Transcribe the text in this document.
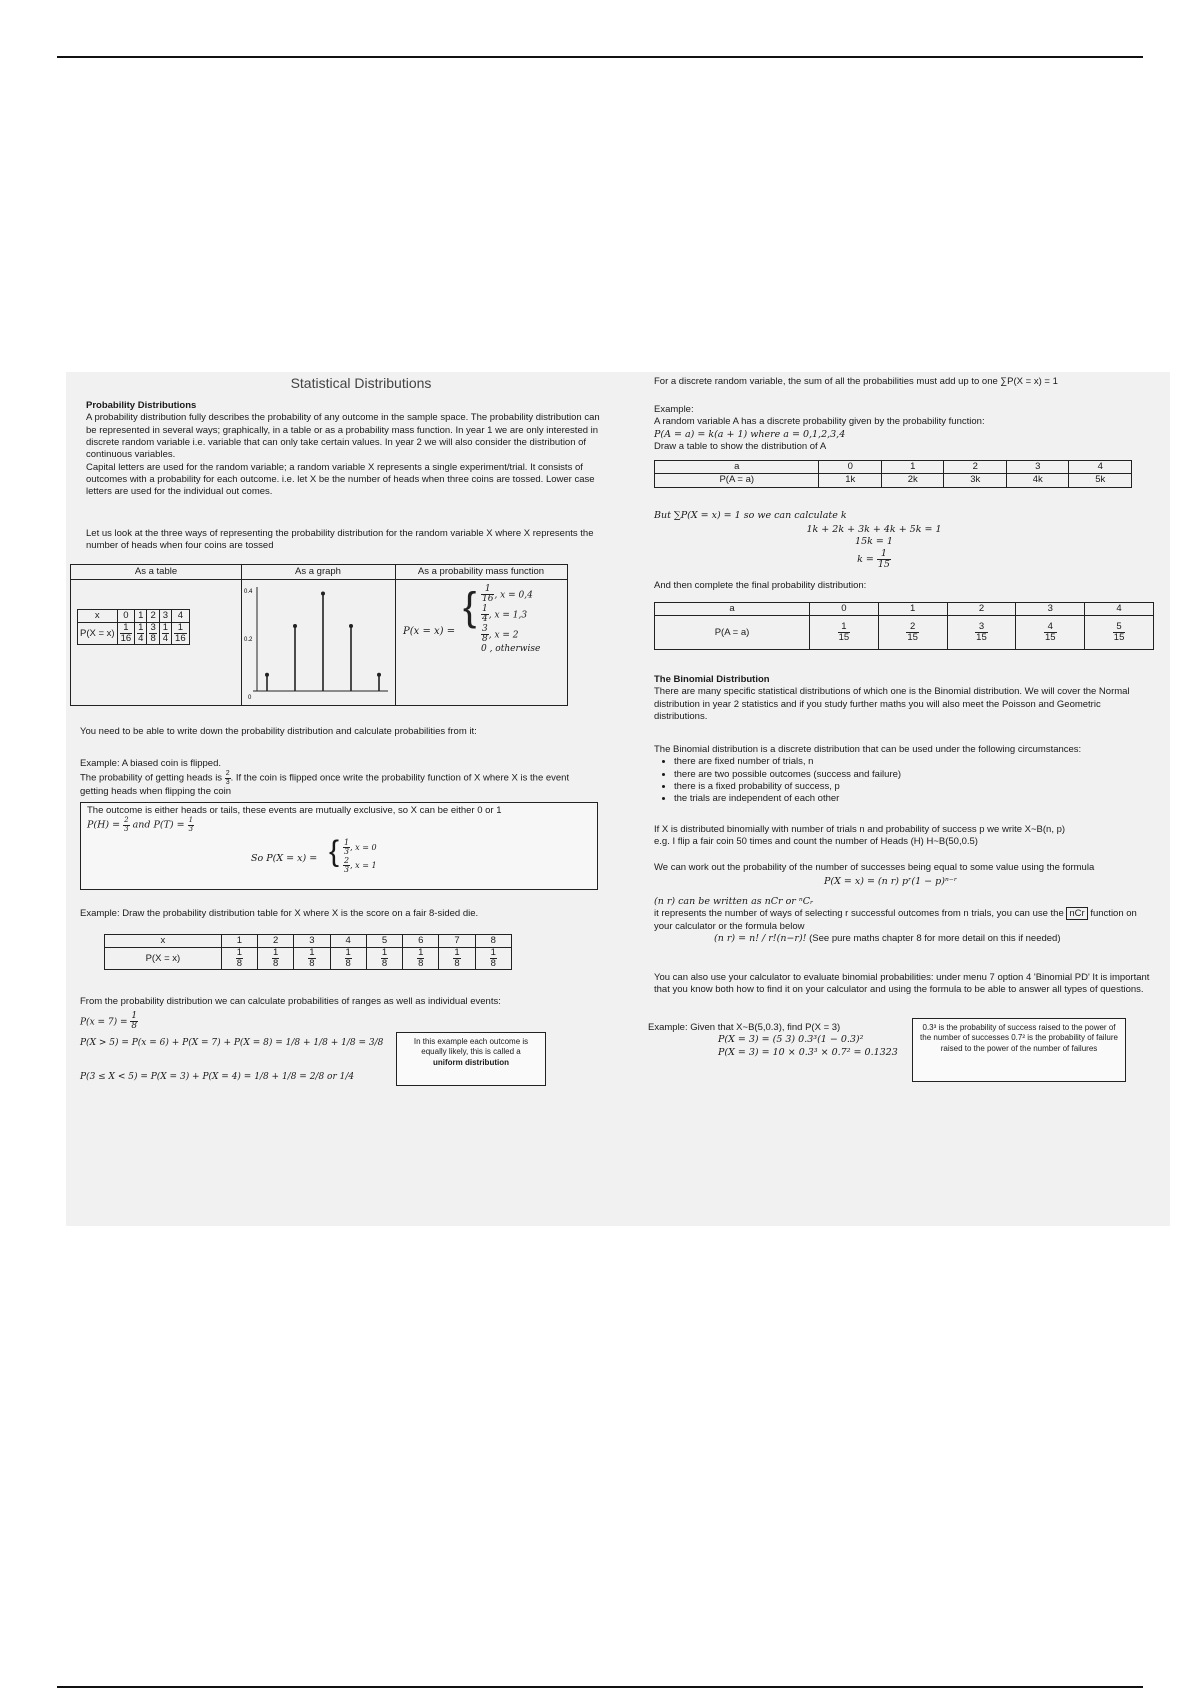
Statistical Distributions
Probability Distributions

A probability distribution fully describes the probability of any outcome in the sample space. The probability distribution can be represented in several ways; graphically, in a table or as a probability mass function. In year 1 we are only interested in discrete random variable i.e. variable that can only take certain values. In year 2 we will also consider the distribution of continuous variables.

Capital letters are used for the random variable; a random variable X represents a single experiment/trial. It consists of outcomes with a probability for each outcome. i.e. let X be the number of heads when three coins are tossed. Lower case letters are used for the individual out comes.

Let us look at the three ways of representing the probability distribution for the random variable X where X represents the number of heads when four coins are tossed

As a table	As a graph	As a probability mass function
x	0	1	2	3	4
P(X = x)	$\frac{1}{16}$	$\frac{1}{4}$	$\frac{3}{8}$	$\frac{1}{4}$	$\frac{1}{16}$
0.4
0.2
0
P(x = x) =
{ $\frac{1}{16}$ , x = 0,4
$\frac{1}{4}$ , x = 1,3
$\frac{3}{8}$ , x = 2
0 , otherwise

You need to be able to write down the probability distribution and calculate probabilities from it:

Example: A biased coin is flipped.

The probability of getting heads is $\frac{2}{3}$ . If the coin is flipped once write the probability function of X where X is the event getting heads when flipping the coin

The outcome is either heads or tails, these events are mutually exclusive, so X can be either 0 or 1

$P(H) = \frac{2}{3}$ and $P(T) = \frac{1}{3}$

So P(X = x) = { $\frac{1}{3}$ , x = 0
$\frac{2}{3}$ , x = 1

Example: Draw the probability distribution table for X where X is the score on a fair 8-sided die.

x	1	2	3	4	5	6	7	8
P(X = x)	$\frac{1}{8}$	$\frac{1}{8}$	$\frac{1}{8}$	$\frac{1}{8}$	$\frac{1}{8}$	$\frac{1}{8}$	$\frac{1}{8}$	$\frac{1}{8}$

From the probability distribution we can calculate probabilities of ranges as well as individual events:

$P(x = 7) = \frac{1}{8}$
P(X > 5) = P(x = 6) + P(X = 7) + P(X = 8) = 1/8 + 1/8 + 1/8 = 3/8
P(3 ≤ X < 5) = P(X = 3) + P(X = 4) = 1/8 + 1/8 = 2/8 or 1/4
In this example each outcome is equally likely, this is called a
uniform distribution

For a discrete random variable, the sum of all the probabilities must add up to one ∑P(X = x) = 1

Example:

A random variable A has a discrete probability given by the probability function:

P(A = a) = k(a + 1) where a = 0,1,2,3,4

Draw a table to show the distribution of A

a	0	1	2	3	4
P(A = a)	1k	2k	3k	4k	5k

But ∑P(X = x) = 1 so we can calculate k

1k + 2k + 3k + 4k + 5k = 1
15k = 1
$k = \frac{1}{15}$

And then complete the final probability distribution:

a	0	1	2	3	4
P(A = a)	$\frac{1}{15}$	$\frac{2}{15}$	$\frac{3}{15}$	$\frac{4}{15}$	$\frac{5}{15}$
The Binomial Distribution

There are many specific statistical distributions of which one is the Binomial distribution. We will cover the Normal distribution in year 2 statistics and if you study further maths you will also meet the Poisson and Geometric distributions.

The Binomial distribution is a discrete distribution that can be used under the following circumstances:

• there are fixed number of trials, n
• there are two possible outcomes (success and failure)
• there is a fixed probability of success, p
• the trials are independent of each other

If X is distributed binomially with number of trials n and probability of success p we write X~B(n, p)

e.g. I flip a fair coin 50 times and count the number of Heads (H) H~B(50,0.5)

We can work out the probability of the number of successes being equal to some value using the formula

P(X = x) = (n r) pʳ(1 − p)ⁿ⁻ʳ

(n r) can be written as nCr or ⁿCᵣ

it represents the number of ways of selecting r successful outcomes from n trials, you can use the nCr function on your calculator or the formula below

(n r) = n! / r!(n−r)! (See pure maths chapter 8 for more detail on this if needed)

You can also use your calculator to evaluate binomial probabilities: under menu 7 option 4 'Binomial PD' It is important that you know both how to find it on your calculator and using the formula to be able to answer all types of questions.

Example: Given that X~B(5,0.3), find P(X = 3)

P(X = 3) = (5 3) 0.3³(1 − 0.3)²

P(X = 3) = 10 × 0.3³ × 0.7² = 0.1323

0.3³ is the probability of success raised to the power of the number of successes 0.7² is the probability of failure raised to the power of the number of failures
